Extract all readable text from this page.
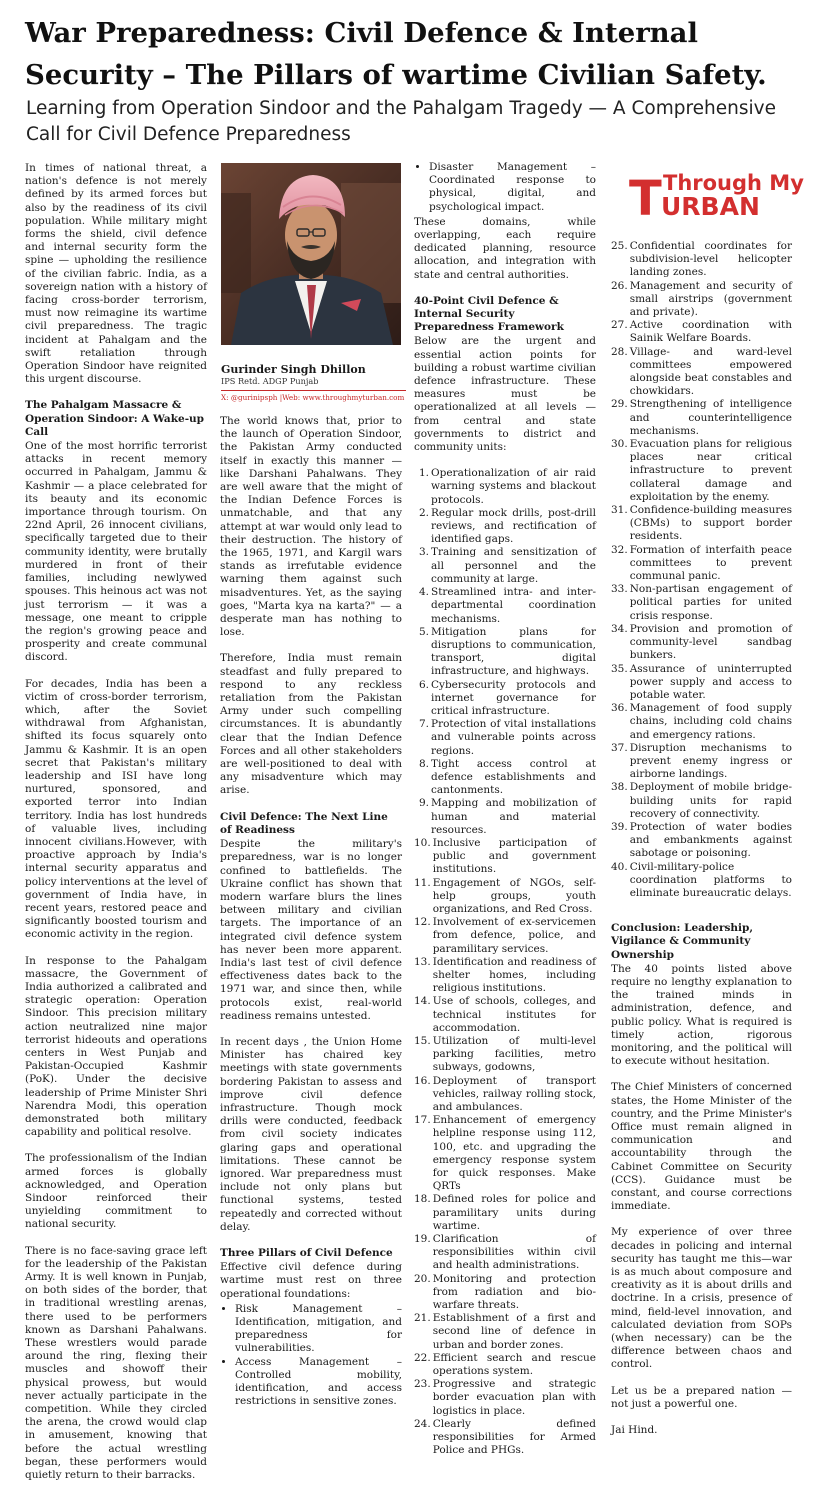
War Preparedness: Civil Defence & Internal Security – The Pillars of wartime Civilian Safety.
Learning from Operation Sindoor and the Pahalgam Tragedy — A Comprehensive Call for Civil Defence Preparedness

In times of national threat, a nation's defence is not merely defined by its armed forces but also by the readiness of its civil population. While military might forms the shield, civil defence and internal security form the spine — upholding the resilience of the civilian fabric. India, as a sovereign nation with a history of facing cross-border terrorism, must now reimagine its wartime civil preparedness. The tragic incident at Pahalgam and the swift retaliation through Operation Sindoor have reignited this urgent discourse.

The Pahalgam Massacre & Operation Sindoor: A Wake-up Call

One of the most horrific terrorist attacks in recent memory occurred in Pahalgam, Jammu & Kashmir — a place celebrated for its beauty and its economic importance through tourism. On 22nd April, 26 innocent civilians, specifically targeted due to their community identity, were brutally murdered in front of their families, including newlywed spouses. This heinous act was not just terrorism — it was a message, one meant to cripple the region's growing peace and prosperity and create communal discord.

For decades, India has been a victim of cross-border terrorism, which, after the Soviet withdrawal from Afghanistan, shifted its focus squarely onto Jammu & Kashmir. It is an open secret that Pakistan's military leadership and ISI have long nurtured, sponsored, and exported terror into Indian territory. India has lost hundreds of valuable lives, including innocent civilians.However, with proactive approach by India's internal security apparatus and policy interventions at the level of government of India have, in recent years, restored peace and significantly boosted tourism and economic activity in the region.

In response to the Pahalgam massacre, the Government of India authorized a calibrated and strategic operation: Operation Sindoor. This precision military action neutralized nine major terrorist hideouts and operations centers in West Punjab and Pakistan-Occupied Kashmir (PoK). Under the decisive leadership of Prime Minister Shri Narendra Modi, this operation demonstrated both military capability and political resolve.

The professionalism of the Indian armed forces is globally acknowledged, and Operation Sindoor reinforced their unyielding commitment to national security.

There is no face-saving grace left for the leadership of the Pakistan Army. It is well known in Punjab, on both sides of the border, that in traditional wrestling arenas, there used to be performers known as Darshani Pahalwans. These wrestlers would parade around the ring, flexing their muscles and showoff their physical prowess, but would never actually participate in the competition. While they circled the arena, the crowd would clap in amusement, knowing that before the actual wrestling began, these performers would quietly return to their barracks.

Gurinder Singh Dhillon
IPS Retd. ADGP Punjab
X: @gurinipsph |Web: www.throughmyturban.com
Through My
T URBAN

The world knows that, prior to the launch of Operation Sindoor, the Pakistan Army conducted itself in exactly this manner — like Darshani Pahalwans. They are well aware that the might of the Indian Defence Forces is unmatchable, and that any attempt at war would only lead to their destruction. The history of the 1965, 1971, and Kargil wars stands as irrefutable evidence warning them against such misadventures. Yet, as the saying goes, "Marta kya na karta?" — a desperate man has nothing to lose.

Therefore, India must remain steadfast and fully prepared to respond to any reckless retaliation from the Pakistan Army under such compelling circumstances. It is abundantly clear that the Indian Defence Forces and all other stakeholders are well-positioned to deal with any misadventure which may arise.

Civil Defence: The Next Line of Readiness

Despite the military's preparedness, war is no longer confined to battlefields. The Ukraine conflict has shown that modern warfare blurs the lines between military and civilian targets. The importance of an integrated civil defence system has never been more apparent. India's last test of civil defence effectiveness dates back to the 1971 war, and since then, while protocols exist, real-world readiness remains untested.

In recent days , the Union Home Minister has chaired key meetings with state governments bordering Pakistan to assess and improve civil defence infrastructure. Though mock drills were conducted, feedback from civil society indicates glaring gaps and operational limitations. These cannot be ignored. War preparedness must include not only plans but functional systems, tested repeatedly and corrected without delay.

Three Pillars of Civil Defence

Effective civil defence during wartime must rest on three operational foundations:

• Risk Management – Identification, mitigation, and preparedness for vulnerabilities.
• Access Management – Controlled mobility, identification, and access restrictions in sensitive zones.
• Disaster Management – Coordinated response to physical, digital, and psychological impact.

These domains, while overlapping, each require dedicated planning, resource allocation, and integration with state and central authorities.

40-Point Civil Defence & Internal Security Preparedness Framework

Below are the urgent and essential action points for building a robust wartime civilian defence infrastructure. These measures must be operationalized at all levels — from central and state governments to district and community units:

1. Operationalization of air raid warning systems and blackout protocols.
2. Regular mock drills, post-drill reviews, and rectification of identified gaps.
3. Training and sensitization of all personnel and the community at large.
4. Streamlined intra- and inter-departmental coordination mechanisms.
5. Mitigation plans for disruptions to communication, transport, digital infrastructure, and highways.
6. Cybersecurity protocols and internet governance for critical infrastructure.
7. Protection of vital installations and vulnerable points across regions.
8. Tight access control at defence establishments and cantonments.
9. Mapping and mobilization of human and material resources.
10. Inclusive participation of public and government institutions.
11. Engagement of NGOs, self-help groups, youth organizations, and Red Cross.
12. Involvement of ex-servicemen from defence, police, and paramilitary services.
13. Identification and readiness of shelter homes, including religious institutions.
14. Use of schools, colleges, and technical institutes for accommodation.
15. Utilization of multi-level parking facilities, metro subways, godowns,
16. Deployment of transport vehicles, railway rolling stock, and ambulances.
17. Enhancement of emergency helpline response using 112, 100, etc. and upgrading the emergency response system for quick responses. Make QRTs
18. Defined roles for police and paramilitary units during wartime.
19. Clarification of responsibilities within civil and health administrations.
20. Monitoring and protection from radiation and bio-warfare threats.
21. Establishment of a first and second line of defence in urban and border zones.
22. Efficient search and rescue operations system.
23. Progressive and strategic border evacuation plan with logistics in place.
24. Clearly defined responsibilities for Armed Police and PHGs.
25. Confidential coordinates for subdivision-level helicopter landing zones.
26. Management and security of small airstrips (government and private).
27. Active coordination with Sainik Welfare Boards.
28. Village- and ward-level committees empowered alongside beat constables and chowkidars.
29. Strengthening of intelligence and counterintelligence mechanisms.
30. Evacuation plans for religious places near critical infrastructure to prevent collateral damage and exploitation by the enemy.
31. Confidence-building measures (CBMs) to support border residents.
32. Formation of interfaith peace committees to prevent communal panic.
33. Non-partisan engagement of political parties for united crisis response.
34. Provision and promotion of community-level sandbag bunkers.
35. Assurance of uninterrupted power supply and access to potable water.
36. Management of food supply chains, including cold chains and emergency rations.
37. Disruption mechanisms to prevent enemy ingress or airborne landings.
38. Deployment of mobile bridge-building units for rapid recovery of connectivity.
39. Protection of water bodies and embankments against sabotage or poisoning.
40. Civil-military-police coordination platforms to eliminate bureaucratic delays.
Conclusion: Leadership, Vigilance & Community Ownership

The 40 points listed above require no lengthy explanation to the trained minds in administration, defence, and public policy. What is required is timely action, rigorous monitoring, and the political will to execute without hesitation.

The Chief Ministers of concerned states, the Home Minister of the country, and the Prime Minister's Office must remain aligned in communication and accountability through the Cabinet Committee on Security (CCS). Guidance must be constant, and course corrections immediate.

My experience of over three decades in policing and internal security has taught me this—war is as much about composure and creativity as it is about drills and doctrine. In a crisis, presence of mind, field-level innovation, and calculated deviation from SOPs (when necessary) can be the difference between chaos and control.

Let us be a prepared nation — not just a powerful one.

Jai Hind.
